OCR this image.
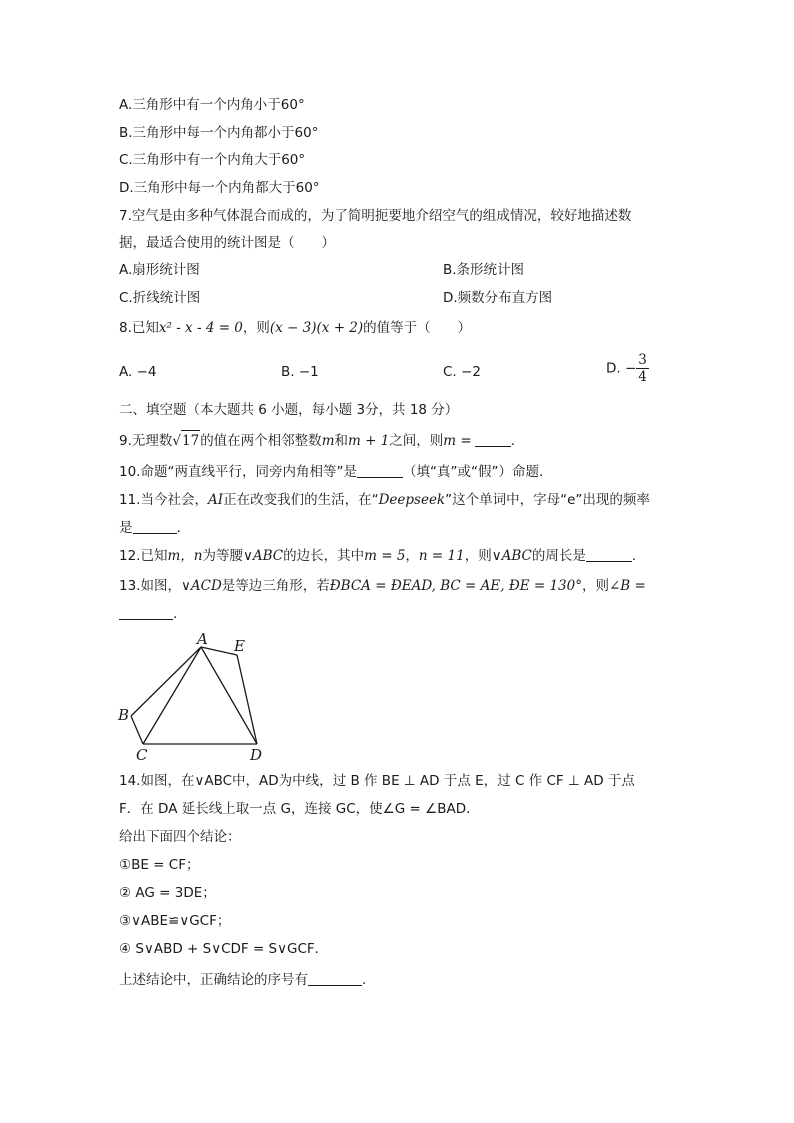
A.三角形中有一个内角小于60°
B.三角形中每一个内角都小于60°
C.三角形中有一个内角大于60°
D.三角形中每一个内角都大于60°
7.空气是由多种气体混合而成的，为了简明扼要地介绍空气的组成情况，较好地描述数
据，最适合使用的统计图是（　　）
A.扇形统计图	B.条形统计图
C.折线统计图	D.频数分布直方图
8.已知x² - x - 4 = 0，则(x − 3)(x + 2)的值等于（　　）
A. −4	B. −1	C. −2	D. − $\frac{3}{4}$
二、填空题（本大题共 6 小题，每小题 3分，共 18 分）
9.无理数√17的值在两个相邻整数m和m + 1之间，则m =	.
10.命题“两直线平行，同旁内角相等”是	（填“真”或“假”）命题.
11.当今社会，AI正在改变我们的生活，在“Deepseek”这个单词中，字母“e”出现的频率
是	.
12.已知m，n为等腰∨ABC的边长，其中m = 5，n = 11，则∨ABC的周长是	.
13.如图，∨ACD是等边三角形，若ÐBCA = ÐEAD, BC = AE, ÐE = 130°，则∠B =
.
A E
B
C	D
14.如图，在∨ABC中，AD为中线，过 B 作 BE ⊥ AD 于点 E，过 C 作 CF ⊥ AD 于点
F．在 DA 延长线上取一点 G，连接 GC，使∠G = ∠BAD．
给出下面四个结论：
①BE = CF；
② AG = 3DE；
③∨ABE≌∨GCF；
④ S∨ABD + S∨CDF = S∨GCF．
上述结论中，正确结论的序号有	.
